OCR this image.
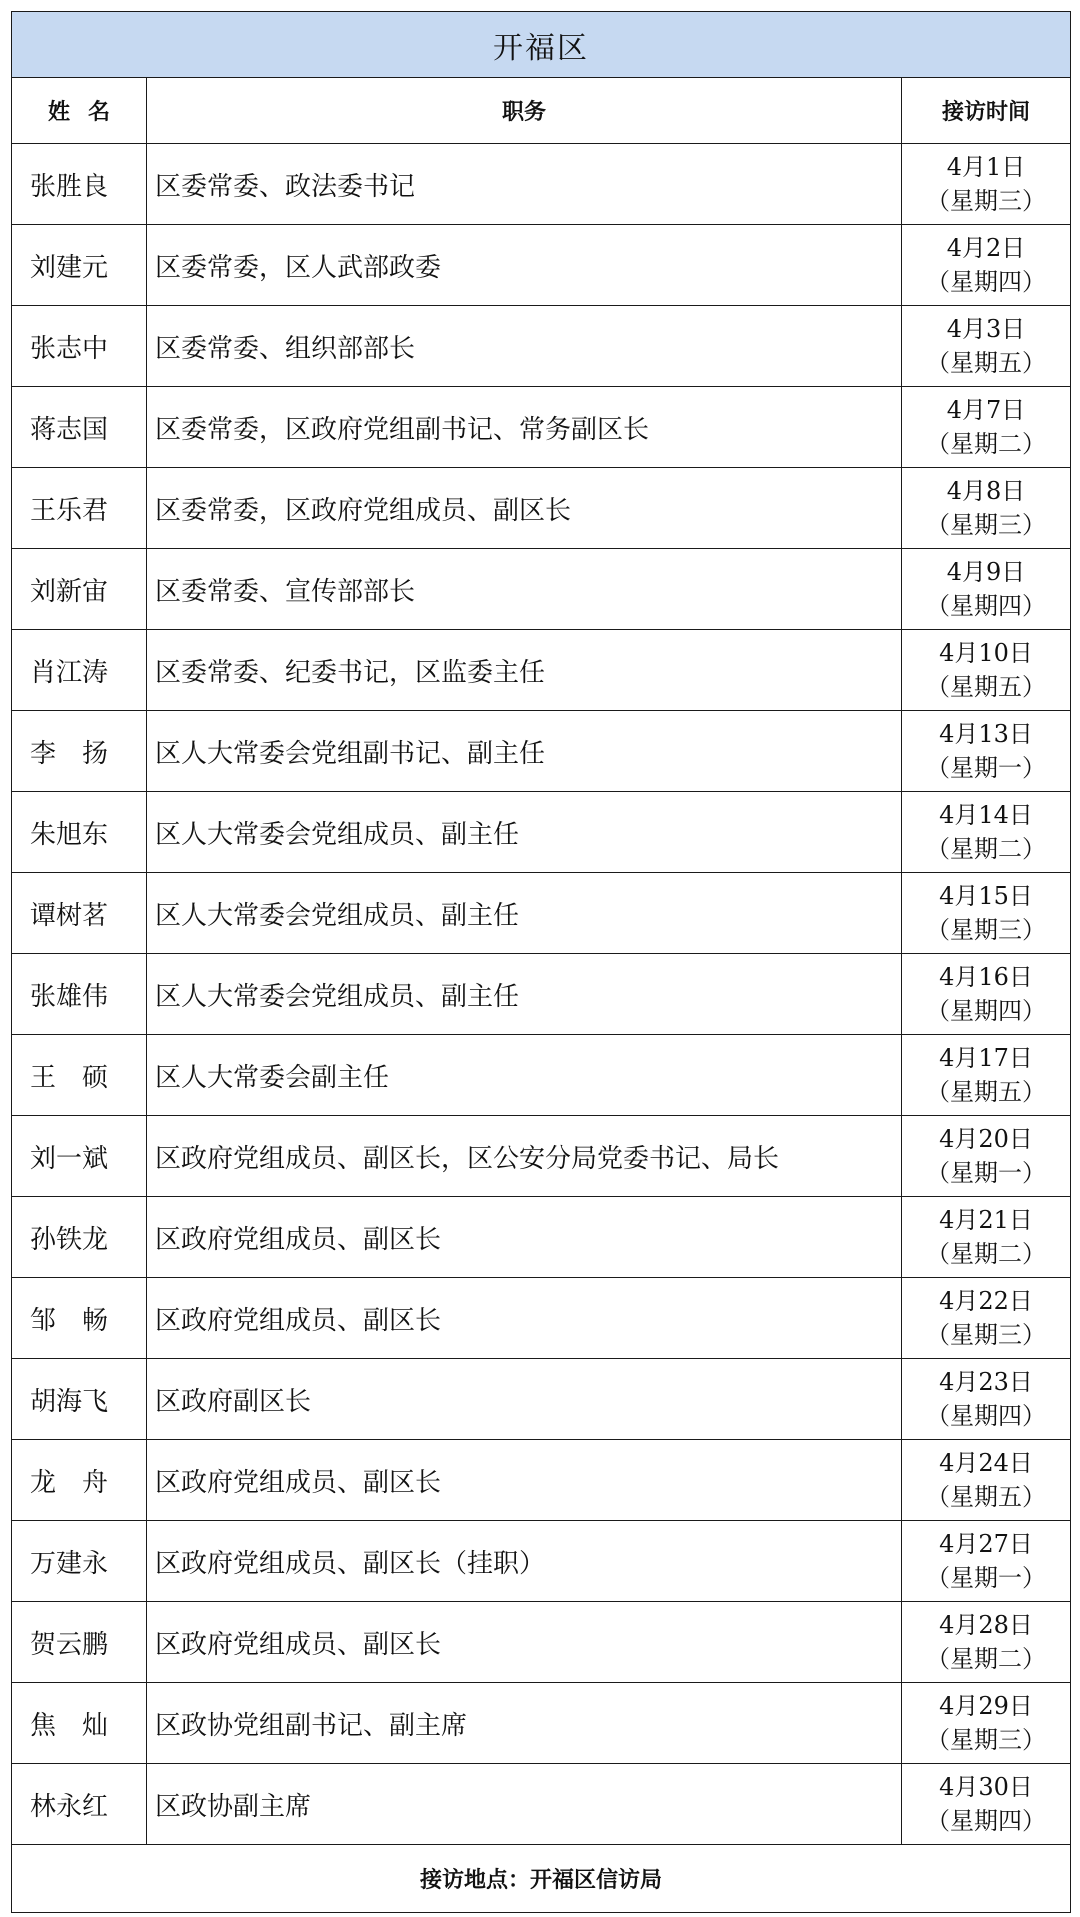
开福区		
姓名	职务	接访时间
张胜良	区委常委、政法委书记	4月1日
（星期三）

刘建元	区委常委，区人武部政委	4月2日
（星期四）

张志中	区委常委、组织部部长	4月3日
（星期五）

蒋志国	区委常委，区政府党组副书记、常务副区长	4月7日
（星期二）

王乐君	区委常委，区政府党组成员、副区长	4月8日
（星期三）

刘新宙	区委常委、宣传部部长	4月9日
（星期四）

肖江涛	区委常委、纪委书记，区监委主任	4月10日
（星期五）

李　扬	区人大常委会党组副书记、副主任	4月13日
（星期一）

朱旭东	区人大常委会党组成员、副主任	4月14日
（星期二）

谭树茗	区人大常委会党组成员、副主任	4月15日
（星期三）

张雄伟	区人大常委会党组成员、副主任	4月16日
（星期四）

王　硕	区人大常委会副主任	4月17日
（星期五）

刘一斌	区政府党组成员、副区长，区公安分局党委书记、局长	4月20日
（星期一）

孙铁龙	区政府党组成员、副区长	4月21日
（星期二）

邹　畅	区政府党组成员、副区长	4月22日
（星期三）

胡海飞	区政府副区长	4月23日
（星期四）

龙　舟	区政府党组成员、副区长	4月24日
（星期五）

万建永	区政府党组成员、副区长（挂职）	4月27日
（星期一）

贺云鹏	区政府党组成员、副区长	4月28日
（星期二）

焦　灿	区政协党组副书记、副主席	4月29日
（星期三）

林永红	区政协副主席	4月30日
（星期四）

接访地点：开福区信访局		
